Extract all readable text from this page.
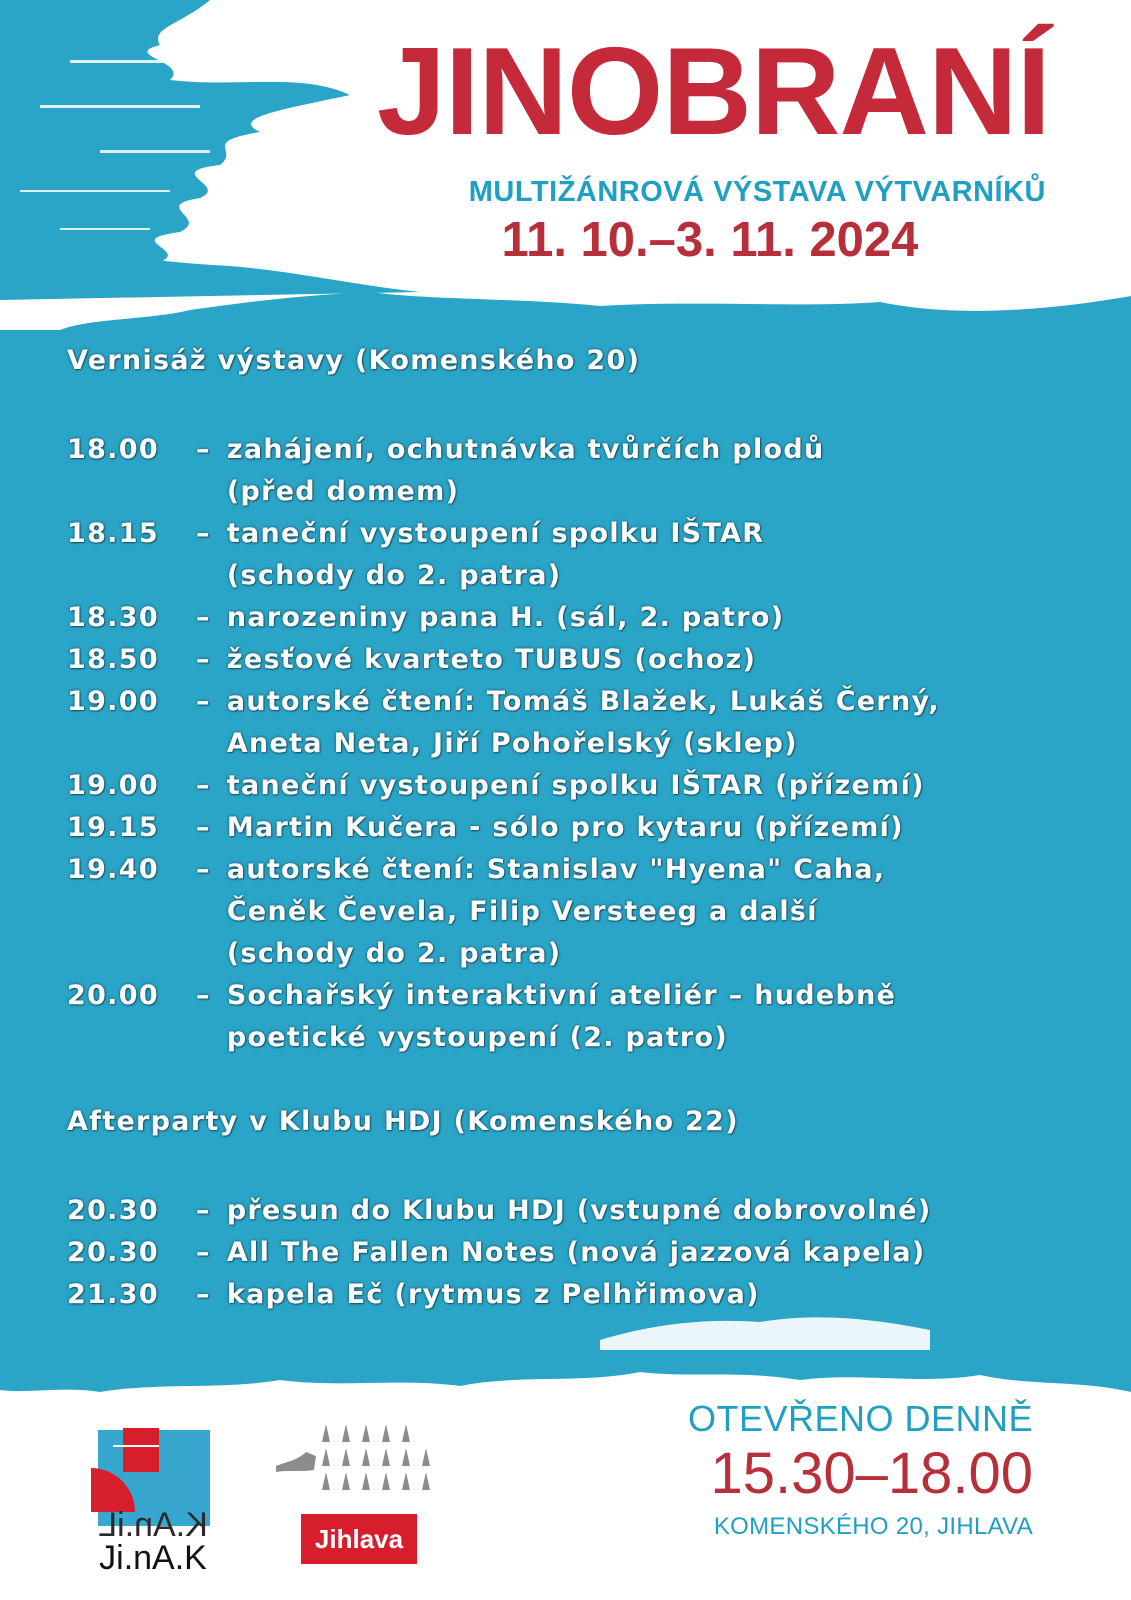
JINOBRANÍ
MULTIŽÁNROVÁ VÝSTAVA VÝTVARNÍKŮ
11. 10.–3. 11. 2024
Vernisáž výstavy (Komenského 20)
18.00	– zahájení, ochutnávka tvůrčích plodů
(před domem)
18.15	– taneční vystoupení spolku IŠTAR
(schody do 2. patra)
18.30	– narozeniny pana H. (sál, 2. patro)
18.50	– žesťové kvarteto TUBUS (ochoz)
19.00	– autorské čtení: Tomáš Blažek, Lukáš Černý,
Aneta Neta, Jiří Pohořelský (sklep)
19.00	– taneční vystoupení spolku IŠTAR (přízemí)
19.15	– Martin Kučera - sólo pro kytaru (přízemí)
19.40	– autorské čtení: Stanislav "Hyena" Caha,
Čeněk Čevela, Filip Versteeg a další
(schody do 2. patra)
20.00	– Sochařský interaktivní ateliér – hudebně
poetické vystoupení (2. patro)
Afterparty v Klubu HDJ (Komenského 22)
20.30	– přesun do Klubu HDJ (vstupné dobrovolné)
20.30	– All The Fallen Notes (nová jazzová kapela)
21.30	– kapela Eč (rytmus z Pelhřimova)
K.An.iL
Ji.nA.K	Jihlava
OTEVŘENO DENNĚ
15.30–18.00
KOMENSKÉHO 20, JIHLAVA
